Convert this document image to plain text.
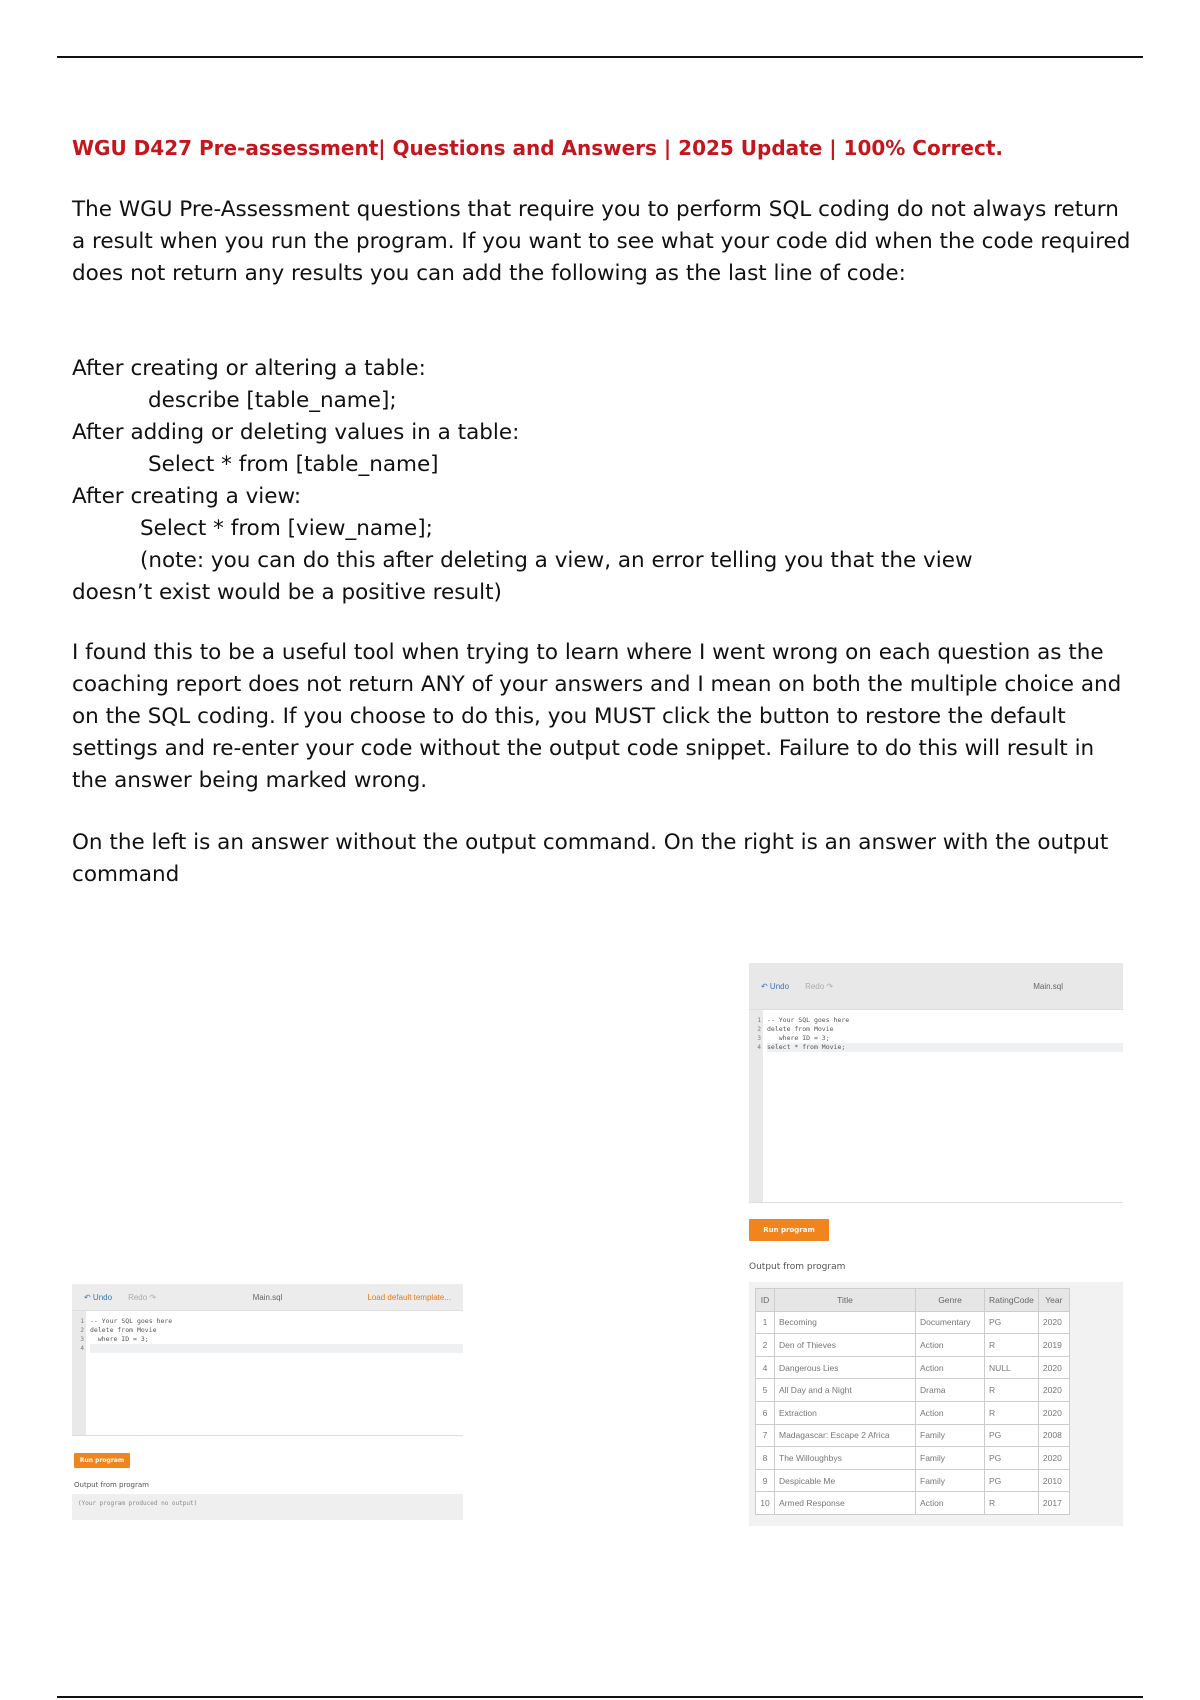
WGU D427 Pre-assessment| Questions and Answers | 2025 Update | 100% Correct.

The WGU Pre-Assessment questions that require you to perform SQL coding do not always return a result when you run the program. If you want to see what your code did when the code required does not return any results you can add the following as the last line of code:

After creating or altering a table:

describe [table_name];

After adding or deleting values in a table:

Select * from [table_name]

After creating a view:

Select * from [view_name];

(note: you can do this after deleting a view, an error telling you that the view

doesn’t exist would be a positive result)

I found this to be a useful tool when trying to learn where I went wrong on each question as the coaching report does not return ANY of your answers and I mean on both the multiple choice and on the SQL coding. If you choose to do this, you MUST click the button to restore the default settings and re-enter your code without the output code snippet. Failure to do this will result in the answer being marked wrong.

On the left is an answer without the output command. On the right is an answer with the output command

↶ Undo Redo ↷	Main.sql
1
2
3
4
-- Your SQL goes here
delete from Movie
where ID = 3;
select * from Movie;
Run program
Output from program
ID	Title	Genre	RatingCode	Year
1	Becoming	Documentary	PG	2020
2	Den of Thieves	Action	R	2019
4	Dangerous Lies	Action	NULL	2020
5	All Day and a Night	Drama	R	2020
6	Extraction	Action	R	2020
7	Madagascar: Escape 2 Africa	Family	PG	2008
8	The Willoughbys	Family	PG	2020
9	Despicable Me	Family	PG	2010
10	Armed Response	Action	R	2017
↶ Undo Redo ↷	Main.sql	Load default template...
1
2
3
4
-- Your SQL goes here
delete from Movie
where ID = 3;
Run program
Output from program
(Your program produced no output)
